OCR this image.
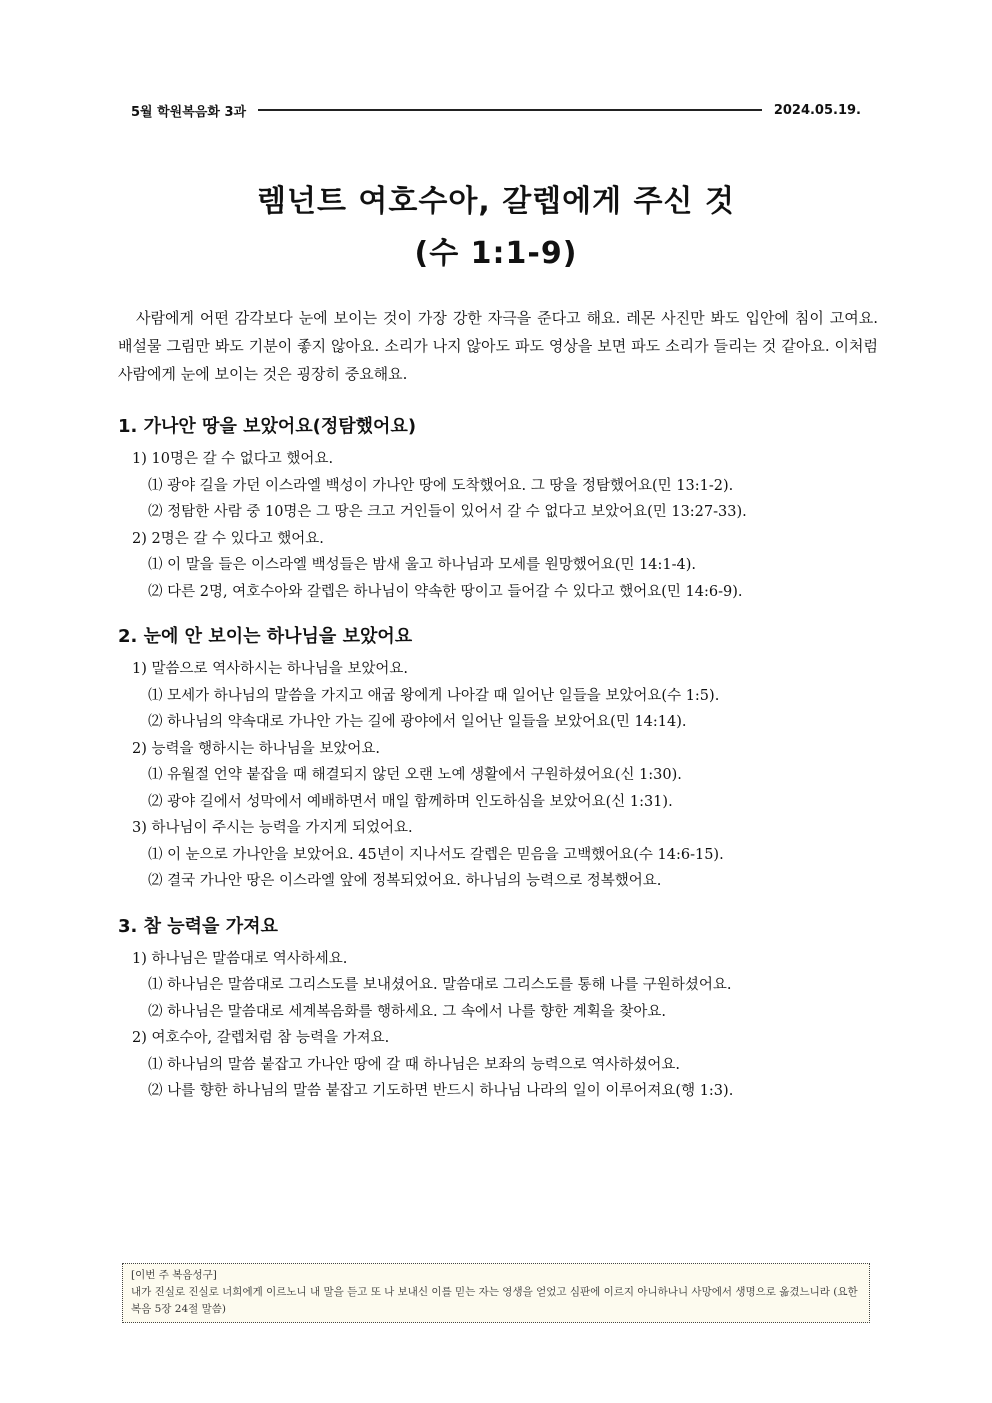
5월 학원복음화 3과	2024.05.19.
렘넌트 여호수아, 갈렙에게 주신 것
(수 1:1-9)

사람에게 어떤 감각보다 눈에 보이는 것이 가장 강한 자극을 준다고 해요. 레몬 사진만 봐도 입안에 침이 고여요. 배설물 그림만 봐도 기분이 좋지 않아요. 소리가 나지 않아도 파도 영상을 보면 파도 소리가 들리는 것 같아요. 이처럼 사람에게 눈에 보이는 것은 굉장히 중요해요.

1. 가나안 땅을 보았어요(정탐했어요)

1) 10명은 갈 수 없다고 했어요.

⑴ 광야 길을 가던 이스라엘 백성이 가나안 땅에 도착했어요. 그 땅을 정탐했어요(민 13:1-2).

⑵ 정탐한 사람 중 10명은 그 땅은 크고 거인들이 있어서 갈 수 없다고 보았어요(민 13:27-33).

2) 2명은 갈 수 있다고 했어요.

⑴ 이 말을 들은 이스라엘 백성들은 밤새 울고 하나님과 모세를 원망했어요(민 14:1-4).

⑵ 다른 2명, 여호수아와 갈렙은 하나님이 약속한 땅이고 들어갈 수 있다고 했어요(민 14:6-9).

2. 눈에 안 보이는 하나님을 보았어요

1) 말씀으로 역사하시는 하나님을 보았어요.

⑴ 모세가 하나님의 말씀을 가지고 애굽 왕에게 나아갈 때 일어난 일들을 보았어요(수 1:5).

⑵ 하나님의 약속대로 가나안 가는 길에 광야에서 일어난 일들을 보았어요(민 14:14).

2) 능력을 행하시는 하나님을 보았어요.

⑴ 유월절 언약 붙잡을 때 해결되지 않던 오랜 노예 생활에서 구원하셨어요(신 1:30).

⑵ 광야 길에서 성막에서 예배하면서 매일 함께하며 인도하심을 보았어요(신 1:31).

3) 하나님이 주시는 능력을 가지게 되었어요.

⑴ 이 눈으로 가나안을 보았어요. 45년이 지나서도 갈렙은 믿음을 고백했어요(수 14:6-15).

⑵ 결국 가나안 땅은 이스라엘 앞에 정복되었어요. 하나님의 능력으로 정복했어요.

3. 참 능력을 가져요

1) 하나님은 말씀대로 역사하세요.

⑴ 하나님은 말씀대로 그리스도를 보내셨어요. 말씀대로 그리스도를 통해 나를 구원하셨어요.

⑵ 하나님은 말씀대로 세계복음화를 행하세요. 그 속에서 나를 향한 계획을 찾아요.

2) 여호수아, 갈렙처럼 참 능력을 가져요.

⑴ 하나님의 말씀 붙잡고 가나안 땅에 갈 때 하나님은 보좌의 능력으로 역사하셨어요.

⑵ 나를 향한 하나님의 말씀 붙잡고 기도하면 반드시 하나님 나라의 일이 이루어져요(행 1:3).

[이번 주 복음성구]
내가 진실로 진실로 너희에게 이르노니 내 말을 듣고 또 나 보내신 이를 믿는 자는 영생을 얻었고 심판에 이르지 아니하나니 사망에서 생명으로 옮겼느니라 (요한복음 5장 24절 말씀)
